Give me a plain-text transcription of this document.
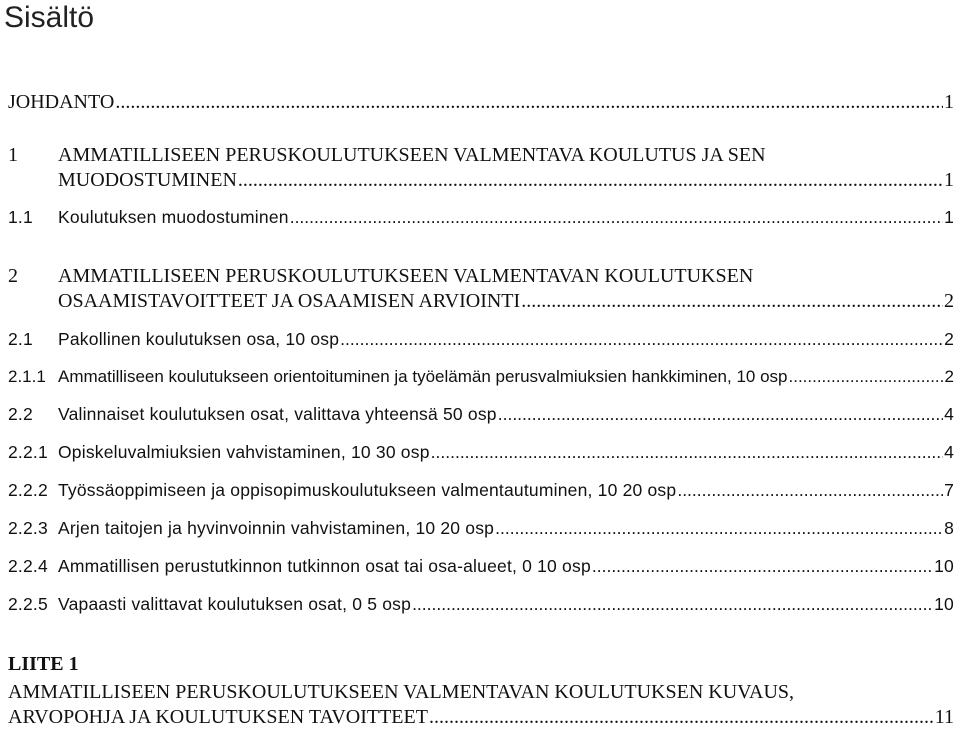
Sisältö
JOHDANTO .....	1
1 AMMATILLISEEN PERUSKOULUTUKSEEN VALMENTAVA KOULUTUS JA SEN
MUODOSTUMINEN .....	1
1.1	Koulutuksen muodostuminen .....	1
2 AMMATILLISEEN PERUSKOULUTUKSEEN VALMENTAVAN KOULUTUKSEN
OSAAMISTAVOITTEET JA OSAAMISEN ARVIOINTI .....	2
2.1	Pakollinen koulutuksen osa, 10 osp .....	2
2.1.1 Ammatilliseen koulutukseen orientoituminen ja työelämän perusvalmiuksien hankkiminen, 10 osp .....	2
2.2	Valinnaiset koulutuksen osat, valittava yhteensä 50 osp .....	4
2.2.1 Opiskeluvalmiuksien vahvistaminen, 10 30 osp .....	4
2.2.2 Työssäoppimiseen ja oppisopimuskoulutukseen valmentautuminen, 10 20 osp .....	7
2.2.3 Arjen taitojen ja hyvinvoinnin vahvistaminen, 10 20 osp .....	8
2.2.4 Ammatillisen perustutkinnon tutkinnon osat tai osa-alueet, 0 10 osp .....	10
2.2.5 Vapaasti valittavat koulutuksen osat, 0 5 osp .....	10
LIITE 1
AMMATILLISEEN PERUSKOULUTUKSEEN VALMENTAVAN KOULUTUKSEN KUVAUS,
ARVOPOHJA JA KOULUTUKSEN TAVOITTEET .....	11
